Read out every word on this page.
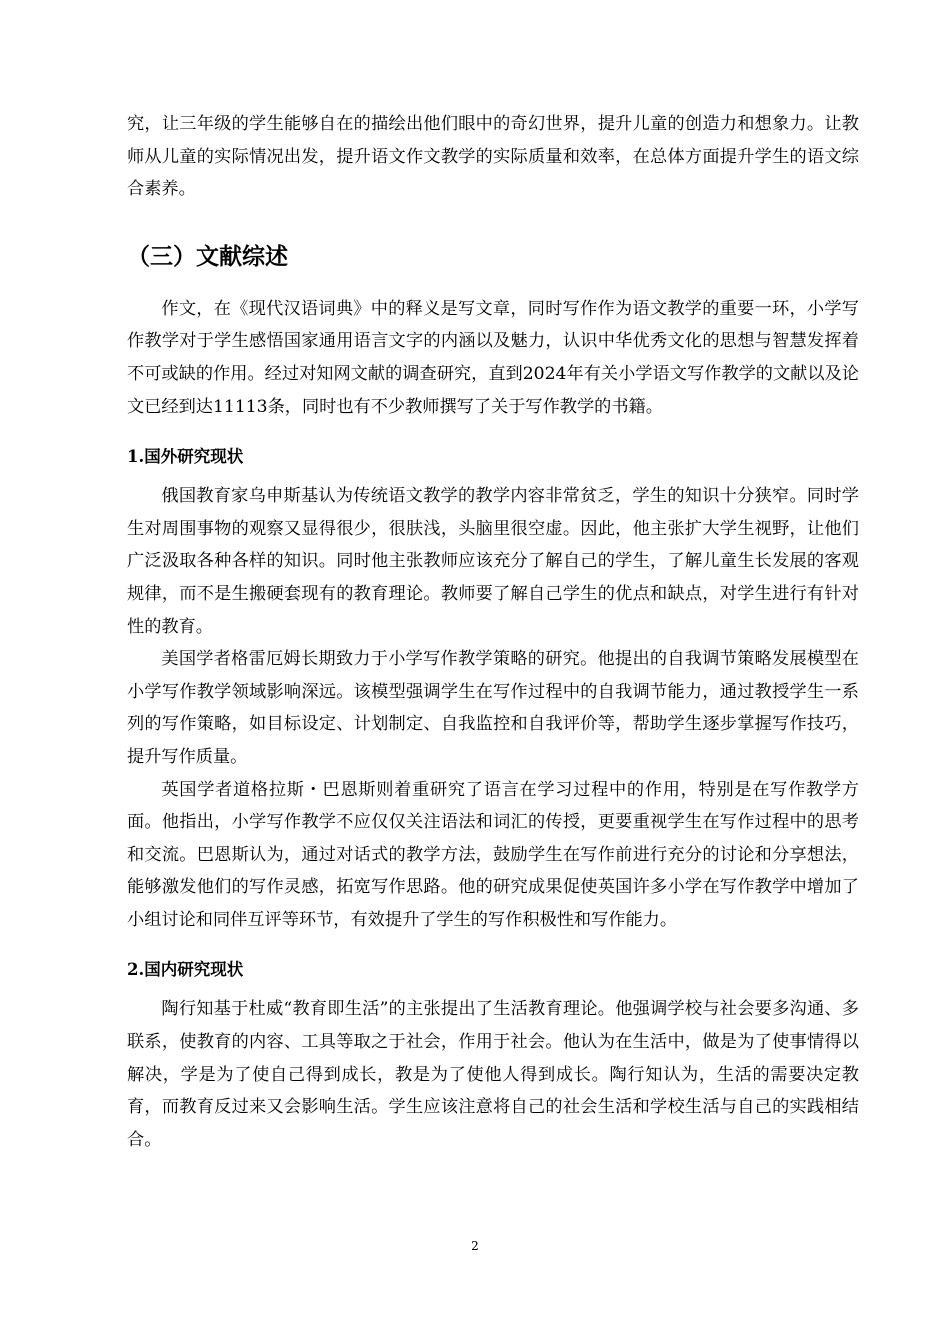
究，让三年级的学生能够自在的描绘出他们眼中的奇幻世界，提升儿童的创造力和想象力。让教师从儿童的实际情况出发，提升语文作文教学的实际质量和效率，在总体方面提升学生的语文综合素养。

（三）文献综述

作文，在《现代汉语词典》中的释义是写文章，同时写作作为语文教学的重要一环，小学写作教学对于学生感悟国家通用语言文字的内涵以及魅力，认识中华优秀文化的思想与智慧发挥着不可或缺的作用。经过对知网文献的调查研究，直到2024年有关小学语文写作教学的文献以及论文已经到达11113条，同时也有不少教师撰写了关于写作教学的书籍。

1.国外研究现状

俄国教育家乌申斯基认为传统语文教学的教学内容非常贫乏，学生的知识十分狭窄。同时学生对周围事物的观察又显得很少，很肤浅，头脑里很空虚。因此，他主张扩大学生视野，让他们广泛汲取各种各样的知识。同时他主张教师应该充分了解自己的学生，了解儿童生长发展的客观规律，而不是生搬硬套现有的教育理论。教师要了解自己学生的优点和缺点，对学生进行有针对性的教育。

美国学者格雷厄姆长期致力于小学写作教学策略的研究。他提出的自我调节策略发展模型在小学写作教学领域影响深远。该模型强调学生在写作过程中的自我调节能力，通过教授学生一系列的写作策略，如目标设定、计划制定、自我监控和自我评价等，帮助学生逐步掌握写作技巧，提升写作质量。

英国学者道格拉斯・巴恩斯则着重研究了语言在学习过程中的作用，特别是在写作教学方面。他指出，小学写作教学不应仅仅关注语法和词汇的传授，更要重视学生在写作过程中的思考和交流。巴恩斯认为，通过对话式的教学方法，鼓励学生在写作前进行充分的讨论和分享想法，能够激发他们的写作灵感，拓宽写作思路。他的研究成果促使英国许多小学在写作教学中增加了小组讨论和同伴互评等环节，有效提升了学生的写作积极性和写作能力。

2.国内研究现状

陶行知基于杜威“教育即生活”的主张提出了生活教育理论。他强调学校与社会要多沟通、多联系，使教育的内容、工具等取之于社会，作用于社会。他认为在生活中，做是为了使事情得以解决，学是为了使自己得到成长，教是为了使他人得到成长。陶行知认为，生活的需要决定教育，而教育反过来又会影响生活。学生应该注意将自己的社会生活和学校生活与自己的实践相结合。

2
